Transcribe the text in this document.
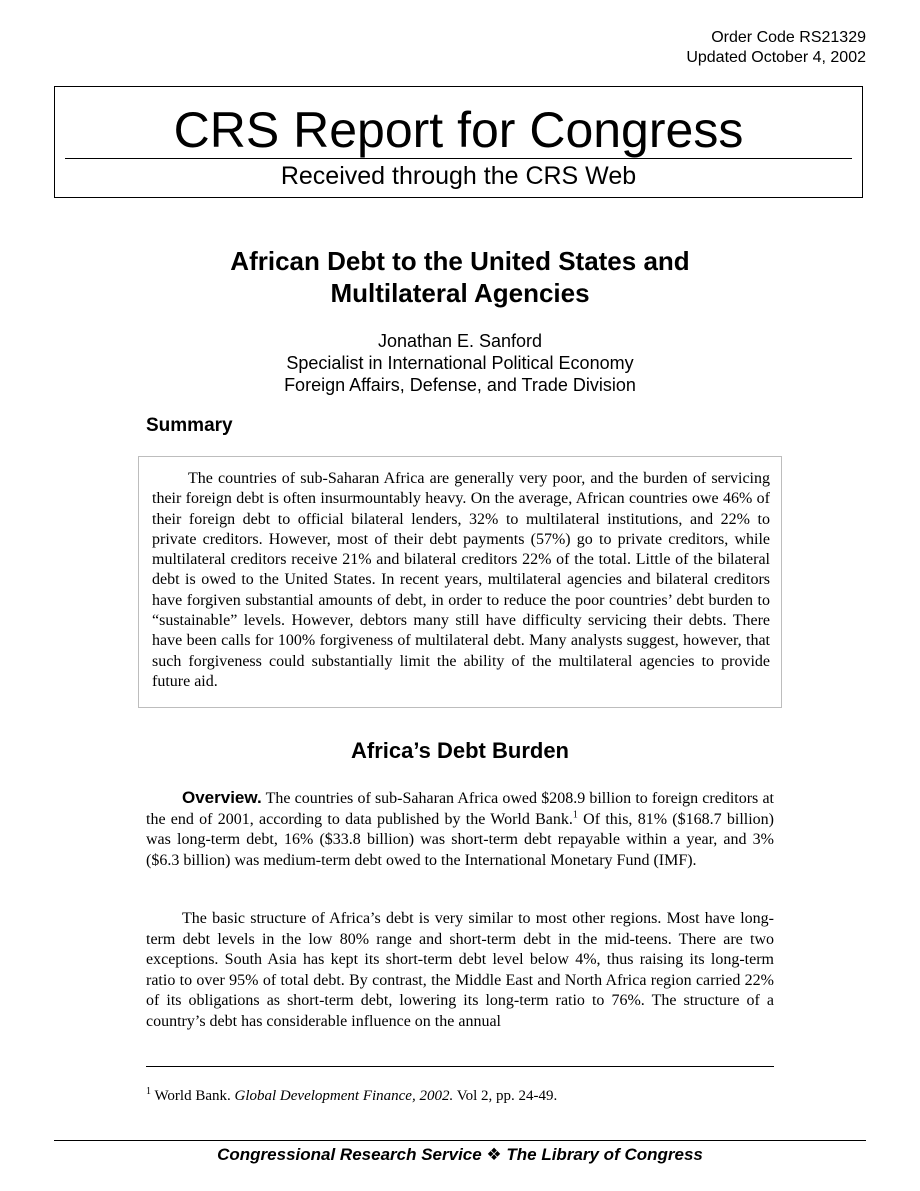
Order Code RS21329
Updated October 4, 2002
CRS Report for Congress
Received through the CRS Web
African Debt to the United States and
Multilateral Agencies
Jonathan E. Sanford
Specialist in International Political Economy
Foreign Affairs, Defense, and Trade Division
Summary

The countries of sub-Saharan Africa are generally very poor, and the burden of servicing their foreign debt is often insurmountably heavy. On the average, African countries owe 46% of their foreign debt to official bilateral lenders, 32% to multilateral institutions, and 22% to private creditors. However, most of their debt payments (57%) go to private creditors, while multilateral creditors receive 21% and bilateral creditors 22% of the total. Little of the bilateral debt is owed to the United States. In recent years, multilateral agencies and bilateral creditors have forgiven substantial amounts of debt, in order to reduce the poor countries’ debt burden to “sustainable” levels. However, debtors many still have difficulty servicing their debts. There have been calls for 100% forgiveness of multilateral debt. Many analysts suggest, however, that such forgiveness could substantially limit the ability of the multilateral agencies to provide future aid.

Africa’s Debt Burden

Overview. The countries of sub-Saharan Africa owed $208.9 billion to foreign creditors at the end of 2001, according to data published by the World Bank.$^1$ Of this, 81% ($168.7 billion) was long-term debt, 16% ($33.8 billion) was short-term debt repayable within a year, and 3% ($6.3 billion) was medium-term debt owed to the International Monetary Fund (IMF).

The basic structure of Africa’s debt is very similar to most other regions. Most have long-term debt levels in the low 80% range and short-term debt in the mid-teens. There are two exceptions. South Asia has kept its short-term debt level below 4%, thus raising its long-term ratio to over 95% of total debt. By contrast, the Middle East and North Africa region carried 22% of its obligations as short-term debt, lowering its long-term ratio to 76%. The structure of a country’s debt has considerable influence on the annual

$^1$ World Bank. Global Development Finance, 2002. Vol 2, pp. 24-49.
Congressional Research Service ❖ The Library of Congress
